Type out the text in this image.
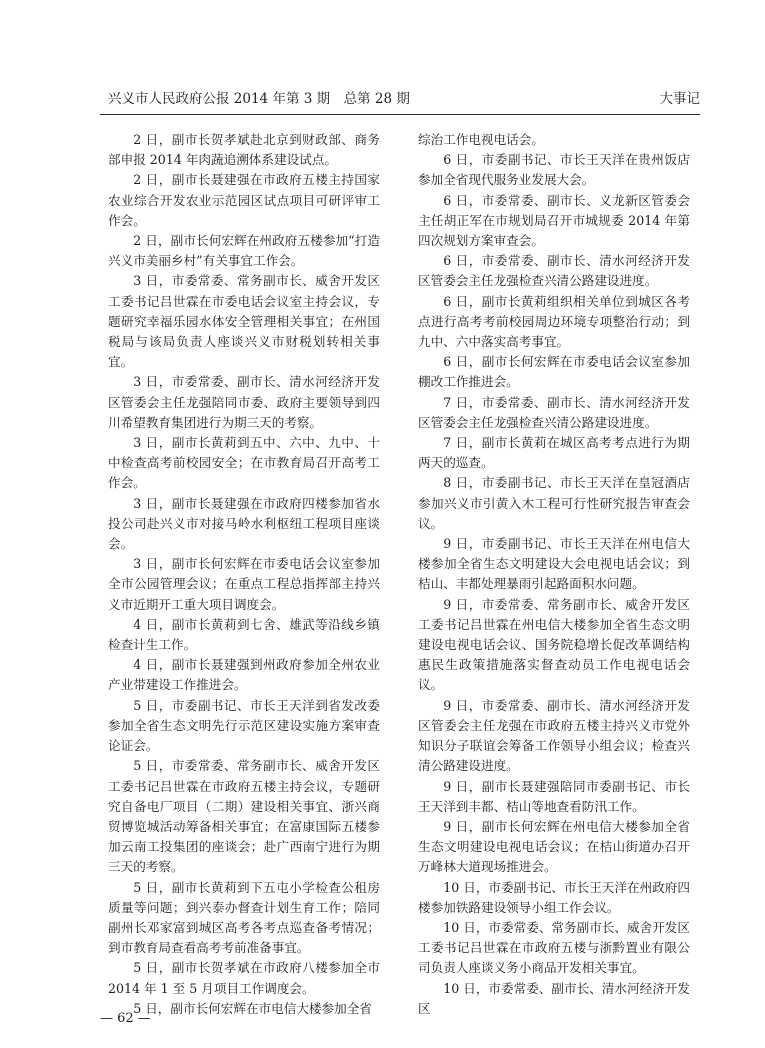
兴义市人民政府公报 2014 年第 3 期　总第 28 期	大事记

2 日，副市长贺孝斌赴北京到财政部、商务部申报 2014 年肉蔬追溯体系建设试点。

2 日，副市长聂建强在市政府五楼主持国家农业综合开发农业示范园区试点项目可研评审工作会。

2 日，副市长何宏辉在州政府五楼参加“打造兴义市美丽乡村”有关事宜工作会。

3 日，市委常委、常务副市长、威舍开发区工委书记吕世霖在市委电话会议室主持会议，专题研究幸福乐园水体安全管理相关事宜；在州国税局与该局负责人座谈兴义市财税划转相关事宜。

3 日，市委常委、副市长、清水河经济开发区管委会主任龙强陪同市委、政府主要领导到四川希望教育集团进行为期三天的考察。

3 日，副市长黄莉到五中、六中、九中、十中检查高考前校园安全；在市教育局召开高考工作会。

3 日，副市长聂建强在市政府四楼参加省水投公司赴兴义市对接马岭水利枢纽工程项目座谈会。

3 日，副市长何宏辉在市委电话会议室参加全市公园管理会议；在重点工程总指挥部主持兴义市近期开工重大项目调度会。

4 日，副市长黄莉到七舍、雄武等沿线乡镇检查计生工作。

4 日，副市长聂建强到州政府参加全州农业产业带建设工作推进会。

5 日，市委副书记、市长王天洋到省发改委参加全省生态文明先行示范区建设实施方案审查论证会。

5 日，市委常委、常务副市长、威舍开发区工委书记吕世霖在市政府五楼主持会议，专题研究自备电厂项目（二期）建设相关事宜、浙兴商贸博览城活动筹备相关事宜；在富康国际五楼参加云南工投集团的座谈会；赴广西南宁进行为期三天的考察。

5 日，副市长黄莉到下五屯小学检查公租房质量等问题；到兴泰办督查计划生育工作；陪同副州长邓家富到城区高考各考点巡查备考情况；到市教育局查看高考考前准备事宜。

5 日，副市长贺孝斌在市政府八楼参加全市 2014 年 1 至 5 月项目工作调度会。

5 日，副市长何宏辉在市电信大楼参加全省

综治工作电视电话会。

6 日，市委副书记、市长王天洋在贵州饭店参加全省现代服务业发展大会。

6 日，市委常委、副市长、义龙新区管委会主任胡正军在市规划局召开市城规委 2014 年第四次规划方案审查会。

6 日，市委常委、副市长、清水河经济开发区管委会主任龙强检查兴清公路建设进度。

6 日，副市长黄莉组织相关单位到城区各考点进行高考考前校园周边环境专项整治行动；到九中、六中落实高考事宜。

6 日，副市长何宏辉在市委电话会议室参加棚改工作推进会。

7 日，市委常委、副市长、清水河经济开发区管委会主任龙强检查兴清公路建设进度。

7 日，副市长黄莉在城区高考考点进行为期两天的巡查。

8 日，市委副书记、市长王天洋在皇冠酒店参加兴义市引黄入木工程可行性研究报告审查会议。

9 日，市委副书记、市长王天洋在州电信大楼参加全省生态文明建设大会电视电话会议；到桔山、丰都处理暴雨引起路面积水问题。

9 日，市委常委、常务副市长、威舍开发区工委书记吕世霖在州电信大楼参加全省生态文明建设电视电话会议、国务院稳增长促改革调结构惠民生政策措施落实督查动员工作电视电话会议。

9 日，市委常委、副市长、清水河经济开发区管委会主任龙强在市政府五楼主持兴义市党外知识分子联谊会筹备工作领导小组会议；检查兴清公路建设进度。

9 日，副市长聂建强陪同市委副书记、市长王天洋到丰都、桔山等地查看防汛工作。

9 日，副市长何宏辉在州电信大楼参加全省生态文明建设电视电话会议；在桔山街道办召开万峰林大道现场推进会。

10 日，市委副书记、市长王天洋在州政府四楼参加铁路建设领导小组工作会议。

10 日，市委常委、常务副市长、威舍开发区工委书记吕世霖在市政府五楼与浙黔置业有限公司负责人座谈义务小商品开发相关事宜。

10 日，市委常委、副市长、清水河经济开发区

— 62 —
